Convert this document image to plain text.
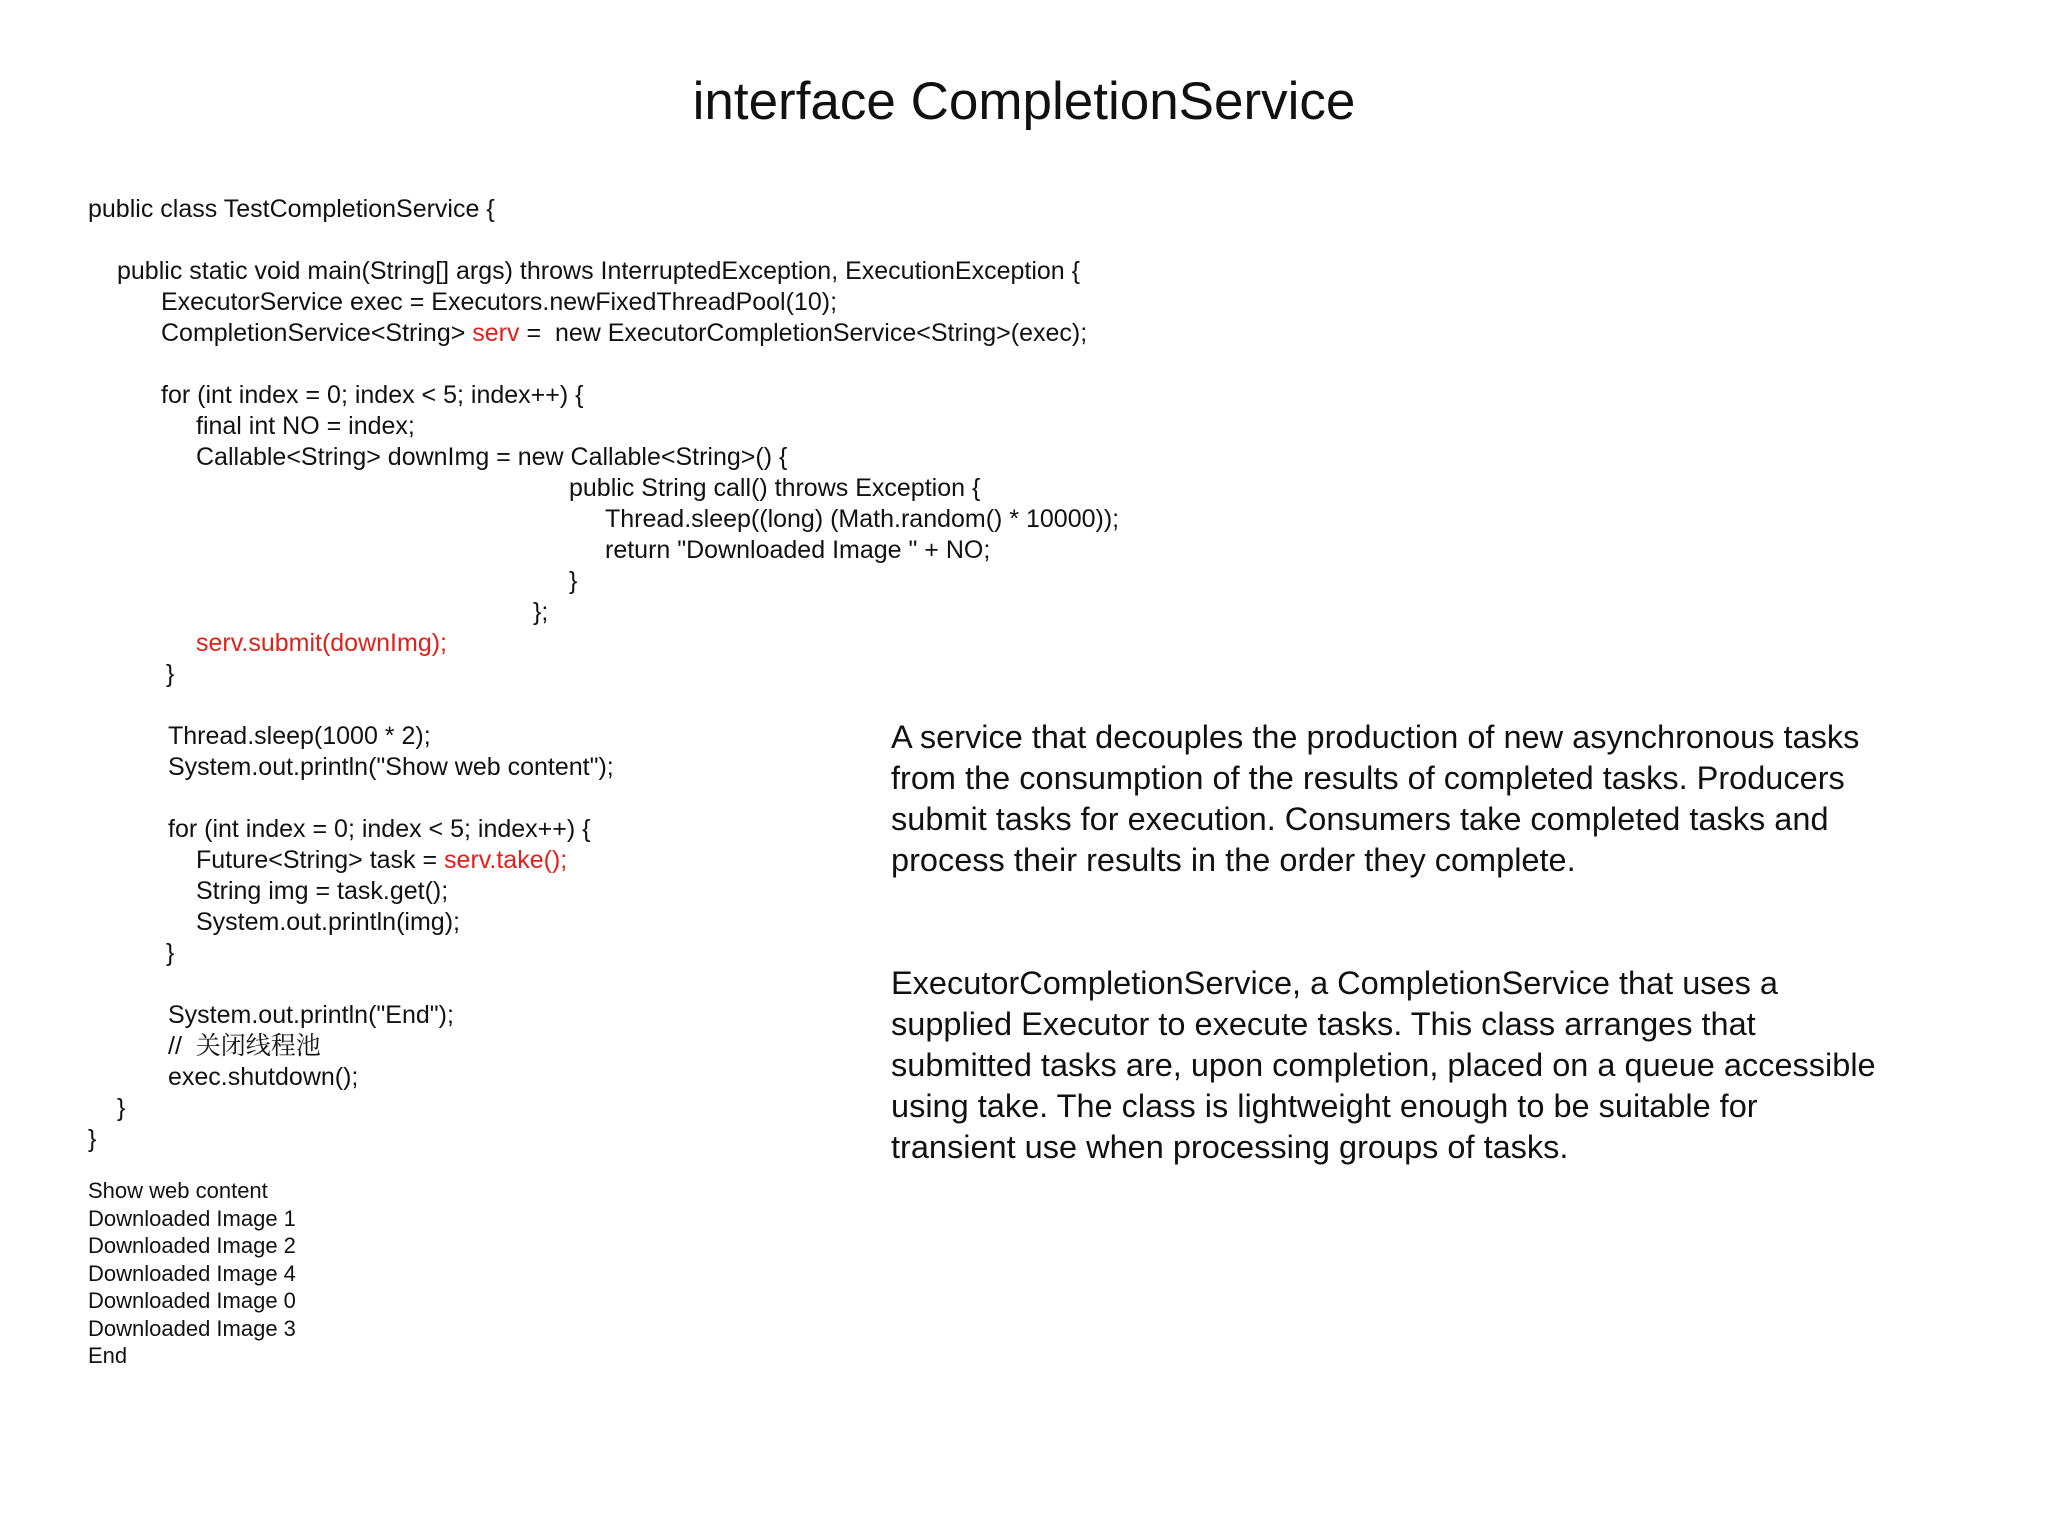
interface CompletionService
public class TestCompletionService {
public static void main(String[] args) throws InterruptedException, ExecutionException {
ExecutorService exec = Executors.newFixedThreadPool(10);
CompletionService<String> serv =  new ExecutorCompletionService<String>(exec);
for (int index = 0; index < 5; index++) {
final int NO = index;
Callable<String> downImg = new Callable<String>() {
public String call() throws Exception {
Thread.sleep((long) (Math.random() * 10000));
return "Downloaded Image " + NO;
}
};
serv.submit(downImg);
}
Thread.sleep(1000 * 2);
System.out.println("Show web content");
for (int index = 0; index < 5; index++) {
Future<String> task = serv.take();
String img = task.get();
System.out.println(img);
}
System.out.println("End");
//  关闭线程池
exec.shutdown();
}
}
Show web content
Downloaded Image 1
Downloaded Image 2
Downloaded Image 4
Downloaded Image 0
Downloaded Image 3
End
A service that decouples the production of new asynchronous tasks from the consumption of the results of completed tasks. Producers submit tasks for execution. Consumers take completed tasks and process their results in the order they complete.
ExecutorCompletionService, a CompletionService that uses a supplied Executor to execute tasks. This class arranges that submitted tasks are, upon completion, placed on a queue accessible using take. The class is lightweight enough to be suitable for transient use when processing groups of tasks.
